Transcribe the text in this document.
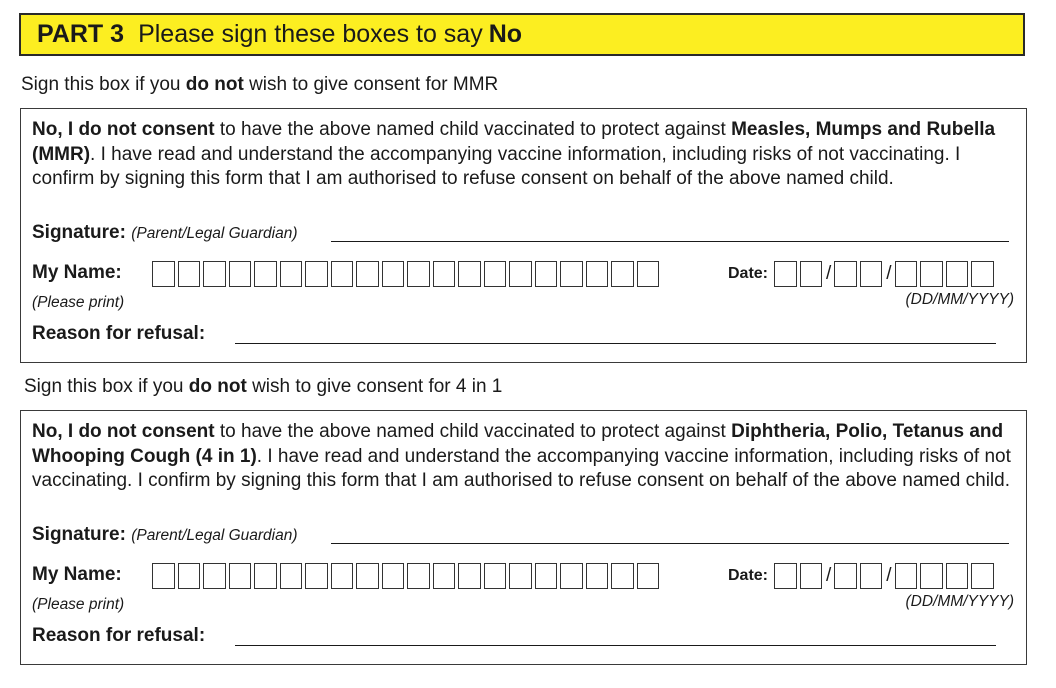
PART 3 Please sign these boxes to say No
Sign this box if you do not wish to give consent for MMR
No, I do not consent to have the above named child vaccinated to protect against Measles, Mumps and Rubella (MMR). I have read and understand the accompanying vaccine information, including risks of not vaccinating. I confirm by signing this form that I am authorised to refuse consent on behalf of the above named child.
Signature: (Parent/Legal Guardian)
My Name:
(Please print)
Date:	/	/
(DD/MM/YYYY)
Reason for refusal:
Sign this box if you do not wish to give consent for 4 in 1
No, I do not consent to have the above named child vaccinated to protect against Diphtheria, Polio, Tetanus and Whooping Cough (4 in 1). I have read and understand the accompanying vaccine information, including risks of not vaccinating. I confirm by signing this form that I am authorised to refuse consent on behalf of the above named child.
Signature: (Parent/Legal Guardian)
My Name:
(Please print)
Date:	/	/
(DD/MM/YYYY)
Reason for refusal:
